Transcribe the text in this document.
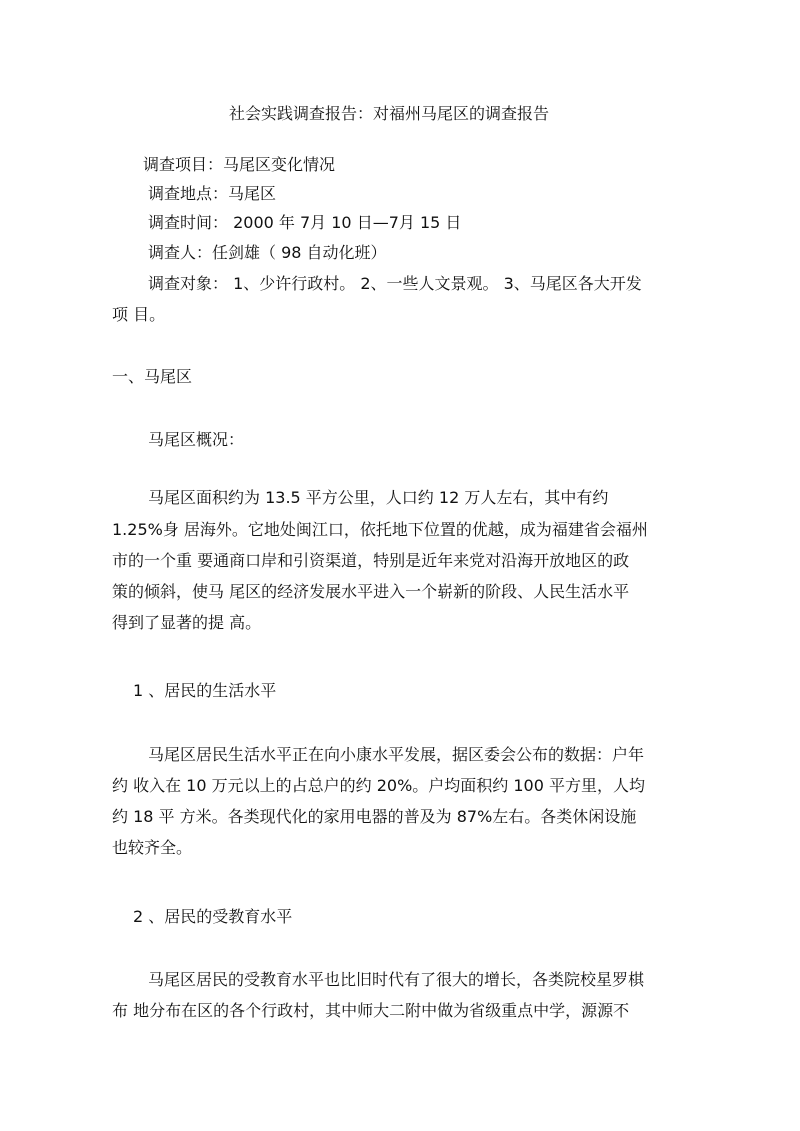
社会实践调查报告：对福州马尾区的调查报告
调查项目：马尾区变化情况
调查地点：马尾区
调查时间： 2000 年 7月 10 日—7月 15 日
调查人：任剑雄（ 98 自动化班）
调查对象： 1、少许行政村。 2、一些人文景观。 3、马尾区各大开发
项 目。
一、马尾区
马尾区概况：
马尾区面积约为 13.5 平方公里，人口约 12 万人左右，其中有约
1.25%身 居海外。它地处闽江口，依托地下位置的优越，成为福建省会福州
市的一个重 要通商口岸和引资渠道，特别是近年来党对沿海开放地区的政
策的倾斜，使马 尾区的经济发展水平进入一个崭新的阶段、人民生活水平
得到了显著的提 高。
1 、居民的生活水平
马尾区居民生活水平正在向小康水平发展，据区委会公布的数据：户年
约 收入在 10 万元以上的占总户的约 20%。户均面积约 100 平方里，人均
约 18 平 方米。各类现代化的家用电器的普及为 87%左右。各类休闲设施
也较齐全。
2 、居民的受教育水平
马尾区居民的受教育水平也比旧时代有了很大的增长，各类院校星罗棋
布 地分布在区的各个行政村，其中师大二附中做为省级重点中学，源源不
